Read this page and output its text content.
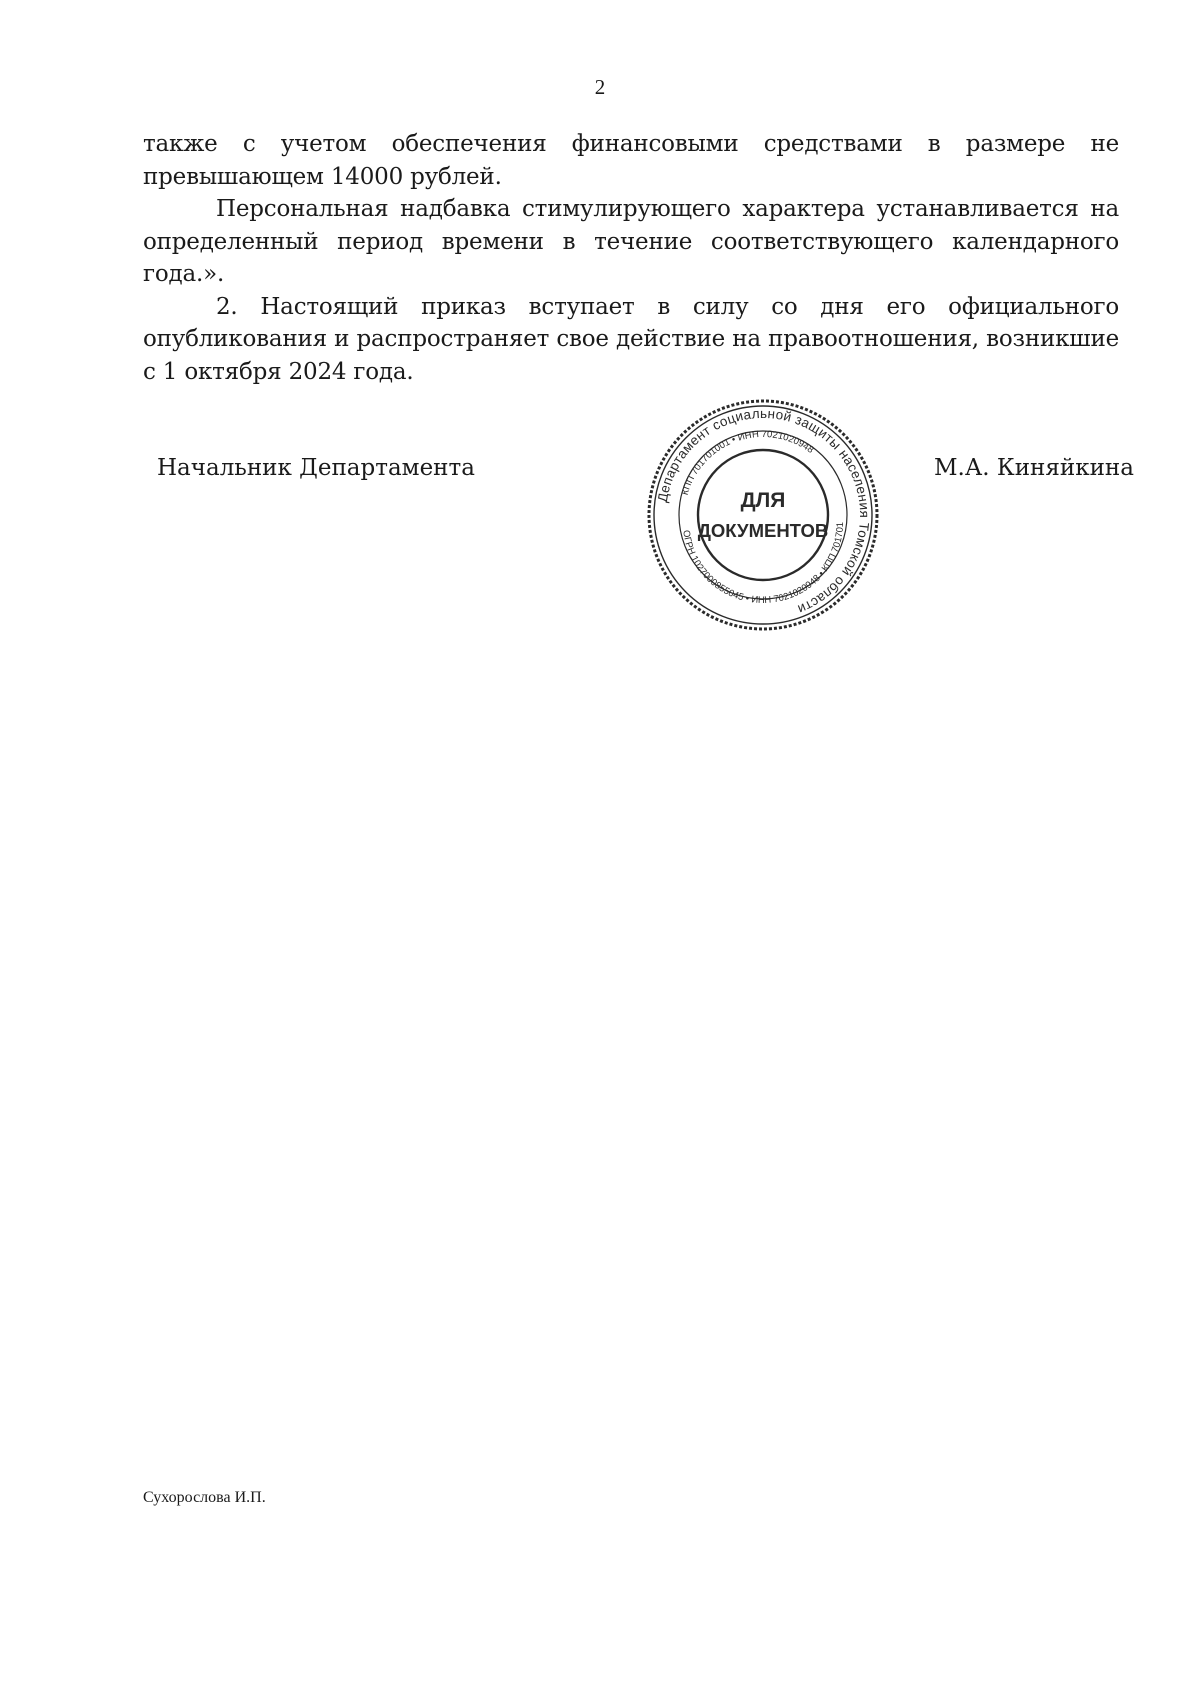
2

также с учетом обеспечения финансовыми средствами в размере не превышающем 14000 рублей.

Персональная надбавка стимулирующего характера устанавливается на определенный период времени в течение соответствующего календарного года.».

2. Настоящий приказ вступает в силу со дня его официального опубликования и распространяет свое действие на правоотношения, возникшие с 1 октября 2024 года.

Начальник Департамента
Департамент социальной защиты населения Томской области
КПП 701701001 • ИНН 7021020948
ОГРН 1027000855045 • ИНН 7021020948 • КПП 701701
ДЛЯ
ДОКУМЕНТОВ
М.А. Киняйкина
Сухорослова И.П.
